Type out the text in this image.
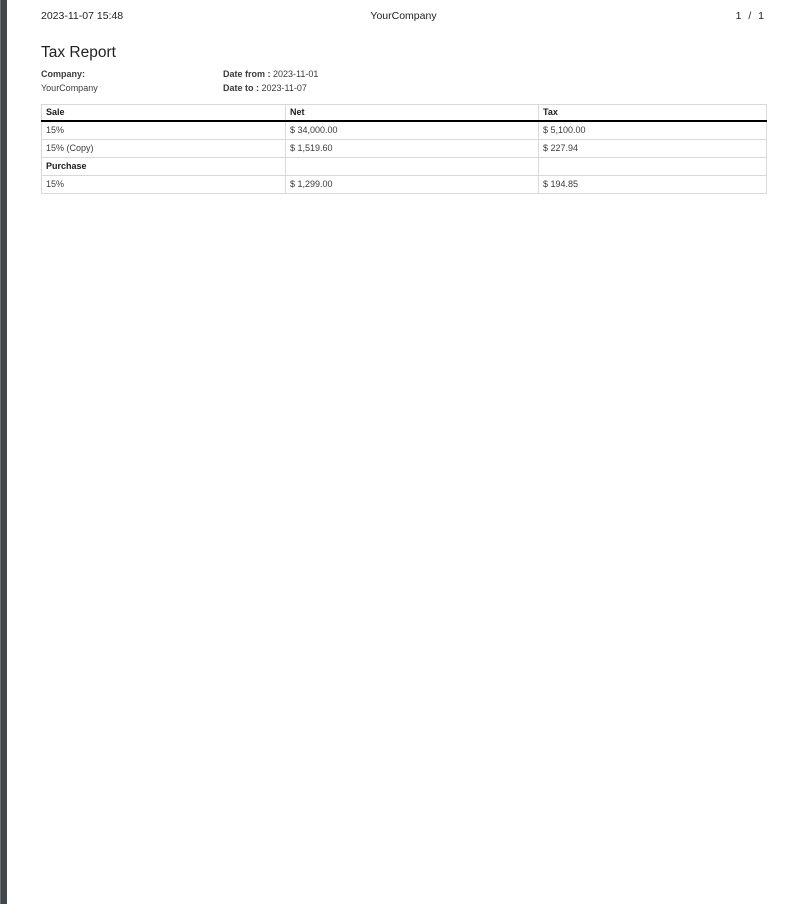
2023-11-07 15:48	YourCompany	1 / 1
Tax Report
Company:
YourCompany
Date from : 2023-11-01
Date to : 2023-11-07
Sale	Net	Tax
15%	$ 34,000.00	$ 5,100.00
15% (Copy)	$ 1,519.60	$ 227.94
Purchase		
15%	$ 1,299.00	$ 194.85
